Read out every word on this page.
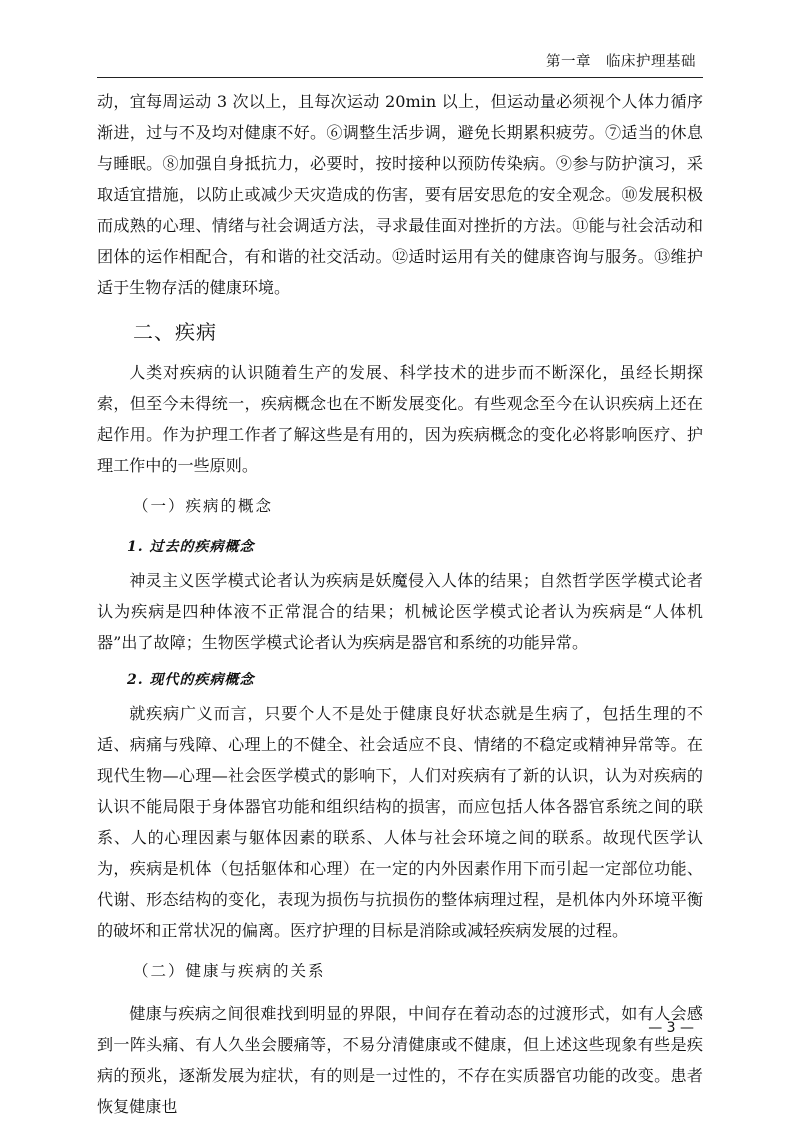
第一章　临床护理基础

动，宜每周运动 3 次以上，且每次运动 20min 以上，但运动量必须视个人体力循序渐进，过与不及均对健康不好。⑥调整生活步调，避免长期累积疲劳。⑦适当的休息与睡眠。⑧加强自身抵抗力，必要时，按时接种以预防传染病。⑨参与防护演习，采取适宜措施，以防止或减少天灾造成的伤害，要有居安思危的安全观念。⑩发展积极而成熟的心理、情绪与社会调适方法，寻求最佳面对挫折的方法。⑪能与社会活动和团体的运作相配合，有和谐的社交活动。⑫适时运用有关的健康咨询与服务。⑬维护适于生物存活的健康环境。

二、疾病

人类对疾病的认识随着生产的发展、科学技术的进步而不断深化，虽经长期探索，但至今未得统一，疾病概念也在不断发展变化。有些观念至今在认识疾病上还在起作用。作为护理工作者了解这些是有用的，因为疾病概念的变化必将影响医疗、护理工作中的一些原则。

（一）疾病的概念
1. 过去的疾病概念

神灵主义医学模式论者认为疾病是妖魔侵入人体的结果；自然哲学医学模式论者认为疾病是四种体液不正常混合的结果；机械论医学模式论者认为疾病是“人体机器”出了故障；生物医学模式论者认为疾病是器官和系统的功能异常。

2. 现代的疾病概念

就疾病广义而言，只要个人不是处于健康良好状态就是生病了，包括生理的不适、病痛与残障、心理上的不健全、社会适应不良、情绪的不稳定或精神异常等。在现代生物—心理—社会医学模式的影响下，人们对疾病有了新的认识，认为对疾病的认识不能局限于身体器官功能和组织结构的损害，而应包括人体各器官系统之间的联系、人的心理因素与躯体因素的联系、人体与社会环境之间的联系。故现代医学认为，疾病是机体（包括躯体和心理）在一定的内外因素作用下而引起一定部位功能、代谢、形态结构的变化，表现为损伤与抗损伤的整体病理过程，是机体内外环境平衡的破坏和正常状况的偏离。医疗护理的目标是消除或减轻疾病发展的过程。

（二）健康与疾病的关系

健康与疾病之间很难找到明显的界限，中间存在着动态的过渡形式，如有人会感到一阵头痛、有人久坐会腰痛等，不易分清健康或不健康，但上述这些现象有些是疾病的预兆，逐渐发展为症状，有的则是一过性的，不存在实质器官功能的改变。患者恢复健康也

— 3 —
